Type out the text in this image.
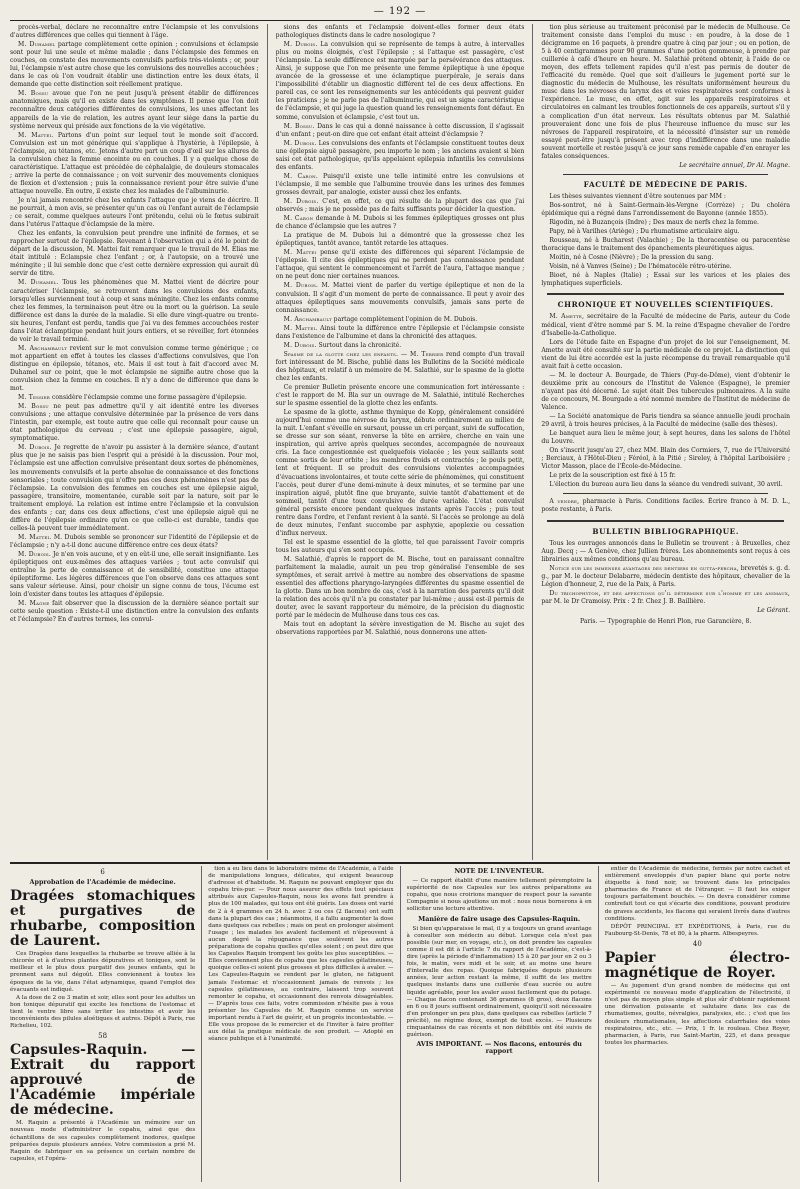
— 192 —

procès-verbal, déclare ne reconnaître entre l'éclampsie et les convulsions d'autres différences que celles qui tiennent à l'âge.

M. Duhamel partage complètement cette opinion ; convulsions et éclampsie sont pour lui une seule et même maladie ; dans l'éclampsie des femmes en couches, on constate des mouvements convulsifs parfois très-violents ; or, pour lui, l'éclampsie n'est autre chose que les convulsions des nouvelles accouchées ; dans le cas où l'on voudrait établir une distinction entre les deux états, il demande que cette distinction soit réellement pratique.

M. Bossu avoue que l'on ne peut jusqu'à présent établir de différences anatomiques, mais qu'il en existe dans les symptômes. Il pense que l'on doit reconnaître deux catégories différentes de convulsions, les unes affectant les appareils de la vie de relation, les autres ayant leur siége dans la partie du système nerveux qui préside aux fonctions de la vie végétative.

M. Mattei. Partons d'un point sur lequel tout le monde soit d'accord. Convulsion est un mot générique qui s'applique à l'hystérie, à l'épilepsie, à l'éclampsie, au tétanos, etc. Jetons d'autre part un coup d'œil sur les allures de la convulsion chez la femme enceinte ou en couches. Il y a quelque chose de caractéristique. L'attaque est précédée de céphalalgie, de douleurs stomacales ; arrive la perte de connaissance ; on voit survenir des mouvements cloniques de flexion et d'extension ; puis la connaissance revient pour être suivie d'une attaque nouvelle. En outre, il existe chez les malades de l'albuminurie.

Je n'ai jamais rencontré chez les enfants l'attaque que je viens de décrire. Il ne pourrait, à mon avis, se présenter qu'un cas où l'enfant aurait de l'éclampsie ; ce serait, comme quelques auteurs l'ont prétendu, celui où le fœtus subirait dans l'utérus l'attaque d'éclampsie de la mère.

Chez les enfants, la convulsion peut prendre une infinité de formes, et se rapprocher surtout de l'épilepsie. Revenant à l'observation qui a été le point de départ de la discussion, M. Mattei fait remarquer que le travail de M. Elias me était intitulé : Éclampsie chez l'enfant ; or, à l'autopsie, on a trouvé une méningite ; il lui semble donc que c'est cette dernière expression qui aurait dû servir de titre.

M. Duhamel. Tous les phénomènes que M. Mattei vient de décrire pour caractériser l'éclampsie, se retrouvent dans les convulsions des enfants, lorsqu'elles surviennent tout à coup et sans méningite. Chez les enfants comme chez les femmes, la terminaison peut être ou la mort ou la guérison. La seule différence est dans la durée de la maladie. Si elle dure vingt-quatre ou trente-six heures, l'enfant est perdu, tandis que j'ai vu des femmes accouchées rester dans l'état éclamptique pendant huit jours entiers, et se réveiller, fort étonnées de voir le travail terminé.

M. Archambault revient sur le mot convulsion comme terme générique ; ce mot appartient en effet à toutes les classes d'affections convulsives, que l'on distingue en épilepsie, tétanos, etc. Mais il est tout à fait d'accord avec M. Duhamel sur ce point, que le mot éclampsie ne signifie autre chose que la convulsion chez la femme en couches. Il n'y a donc de différence que dans le mot.

M. Tessier considère l'éclampsie comme une forme passagère d'épilepsie.

M. Bossu ne peut pas admettre qu'il y ait identité entre les diverses convulsions ; une attaque convulsive déterminée par la présence de vers dans l'intestin, par exemple, est toute autre que celle qui reconnaît pour cause un état pathologique du cerveau ; c'est une épilepsie passagère, aiguë, symptomatique.

M. Dubois. Je regrette de n'avoir pu assister à la dernière séance, d'autant plus que je ne saisis pas bien l'esprit qui a présidé à la discussion. Pour moi, l'éclampsie est une affection convulsive présentant deux sortes de phénomènes, les mouvements convulsifs et la perte absolue de connaissance et des fonctions sensoriales ; toute convulsion qui n'offre pas ces deux phénomènes n'est pas de l'éclampsie. La convulsion des femmes en couches est une épilepsie aiguë, passagère, transitoire, momentanée, curable soit par la nature, soit par le traitement employé. La relation est intime entre l'éclampsie et la convulsion des enfants ; car, dans ces deux affections, c'est une épilepsie aiguë qui ne diffère de l'épilepsie ordinaire qu'en ce que celle-ci est durable, tandis que celles-là peuvent tuer immédiatement.

M. Mattei. M. Dubois semble se prononcer sur l'identité de l'épilepsie et de l'éclampsie ; n'y a-t-il donc aucune différence entre ces deux états?

M. Dubois. Je n'en vois aucune, et y en eût-il une, elle serait insignifiante. Les épileptiques ont eux-mêmes des attaques variées ; tout acte convulsif qui entraîne la perte de connaissance et de sensibilité, constitue une attaque épileptiforme. Les légères différences que l'on observe dans ces attaques sont sans valeur sérieuse. Ainsi, pour choisir un signe connu de tous, l'écume est loin d'exister dans toutes les attaques d'épilepsie.

M. Magne fait observer que la discussion de la dernière séance portait sur cette seule question : Existe-t-il une distinction entre la convulsion des enfants et l'éclampsie? En d'autres termes, les convul-

sions des enfants et l'éclampsie doivent-elles former deux états pathologiques distincts dans le cadre nosologique ?

M. Dubois. La convulsion qui se représente de temps à autre, à intervalles plus ou moins éloignés, c'est l'épilepsie ; si l'attaque est passagère, c'est l'éclampsie. La seule différence est marquée par la persévérance des attaques. Ainsi, je suppose que l'on me présente une femme épileptique à une époque avancée de la grossesse et une éclamptique puerpérale, je serais dans l'impossibilité d'établir un diagnostic différent tel de ces deux affections. En pareil cas, ce sont les renseignements sur les antécédents qui peuvent guider les praticiens ; je ne parle pas de l'albuminurie, qui est un signe caractéristique de l'éclampsie, et qui juge la question quand les renseignements font défaut. En somme, convulsion et éclampsie, c'est tout un.

M. Bossu. Dans le cas qui a donné naissance à cette discussion, il s'agissait d'un enfant ; peut-on dire que cet enfant était atteint d'éclampsie ?

M. Dubois. Les convulsions des enfants et l'éclampsie constituent toutes deux une épilepsie aiguë passagère, peu importe le nom ; les anciens avaient si bien saisi cet état pathologique, qu'ils appelaient epilepsia infantilis les convulsions des enfants.

M. Caron. Puisqu'il existe une telle intimité entre les convulsions et l'éclampsie, il me semble que l'albumine trouvée dans les urines des femmes grosses devrait, par analogie, exister aussi chez les enfants.

M. Dubois. C'est, en effet, ce qui résulte de la plupart des cas que j'ai observés ; mais je ne possède pas de faits suffisants pour décider la question.

M. Caron demande à M. Dubois si les femmes épileptiques grosses ont plus de chance d'éclampsie que les autres ?

La pratique de M. Dubois lui a démontré que la grossesse chez les épileptiques, tantôt avance, tantôt retarde les attaques.

M. Mattei pense qu'il existe des différences qui séparent l'éclampsie de l'épilepsie. Il cite des épileptiques qui ne perdent pas connaissance pendant l'attaque, qui sentent le commencement et l'arrêt de l'aura, l'attaque manque ; on ne peut donc nier certaines nuances.

M. Dubois. M. Mattei vient de parler du vertige épileptique et non de la convulsion. Il s'agit d'un moment de perte de connaissance. Il peut y avoir des attaques épileptiques sans mouvements convulsifs, jamais sans perte de connaissance.

M. Archambault partage complètement l'opinion de M. Dubois.

M. Mattei. Ainsi toute la différence entre l'épilepsie et l'éclampsie consiste dans l'existence de l'albumine et dans la chronicité des attaques.

M. Dubois. Surtout dans la chronicité.

Spasme de la glotte chez les enfants. — M. Terrier rend compte d'un travail fort intéressant de M. Bische, publié dans les Bulletins de la Société médicale des hôpitaux, et relatif à un mémoire de M. Salathié, sur le spasme de la glotte chez les enfants.

Ce premier Bulletin présente encore une communication fort intéressante : c'est le rapport de M. Bla sur un ouvrage de M. Salathié, intitulé Recherches sur le spasme essentiel de la glotte chez les enfants.

Le spasme de la glotte, asthme thymique de Kopp, généralement considéré aujourd'hui comme une névrose du larynx, débute ordinairement au milieu de la nuit. L'enfant s'éveille en sursaut, pousse un cri perçant, suivi de suffocation, se dresse sur son séant, renverse la tête en arrière, cherche en vain une inspiration, qui arrive après quelques secondes, accompagnée de nouveaux cris. La face congestionnée est quelquefois violacée ; les yeux saillants sont comme sortis de leur orbite ; les membres froids et contractés ; le pouls petit, lent et fréquent. Il se produit des convulsions violentes accompagnées d'évacuations involontaires, et toute cette série de phénomènes, qui constituent l'accès, peut durer d'une demi-minute à deux minutes, et se termine par une inspiration aiguë, plutôt fine que bruyante, suivie tantôt d'abattement et de sommeil, tantôt d'une toux convulsive de durée variable. L'état convulsif général persiste encore pendant quelques instants après l'accès ; puis tout rentre dans l'ordre, et l'enfant revient à la santé. Si l'accès se prolonge au delà de deux minutes, l'enfant succombe par asphyxie, apoplexie ou cessation d'influx nerveux.

Tel est le spasme essentiel de la glotte, tel que paraissent l'avoir compris tous les auteurs qui s'en sont occupés.

M. Salathié, d'après le rapport de M. Bische, tout en paraissant connaître parfaitement la maladie, aurait un peu trop généralisé l'ensemble de ses symptômes, et serait arrivé à mettre au nombre des observations de spasme essentiel des affections pharyngo-laryngées différentes du spasme essentiel de la glotte. Dans un bon nombre de cas, c'est à la narration des parents qu'il doit la relation des accès qu'il n'a pu constater par lui-même ; aussi est-il permis de douter, avec le savant rapporteur du mémoire, de la précision du diagnostic porté par le médecin de Mulhouse dans tous ces cas.

Mais tout en adoptant la sévère investigation de M. Bische au sujet des observations rapportées par M. Salathié, nous donnerons une atten-

tion plus sérieuse au traitement préconisé par le médecin de Mulhouse. Ce traitement consiste dans l'emploi du musc : en poudre, à la dose de 1 décigramme en 16 paquets, à prendre quatre à cinq par jour ; ou en potion, de 5 à 40 centigrammes pour 90 grammes d'une potion gommeuse, à prendre par cuillerée à café d'heure en heure. M. Salathié prétend obtenir, à l'aide de ce moyen, des effets tellement rapides qu'il n'est pas permis de douter de l'efficacité du remède. Quel que soit d'ailleurs le jugement porté sur le diagnostic du médecin de Mulhouse, les résultats uniformément heureux du musc dans les névroses du larynx des et voies respiratoires sont conformes à l'expérience. Le musc, en effet, agit sur les appareils respiratoires et circulatoires en calmant les troubles fonctionnels de ces appareils, surtout s'il y a complication d'un état nerveux. Les résultats obtenus par M. Salathié prouveraient donc une fois de plus l'heureuse influence du musc sur les névroses de l'appareil respiratoire, et la nécessité d'insister sur un remède essayé peut-être jusqu'à présent avec trop d'indifférence dans une maladie souvent mortelle et restée jusqu'à ce jour sans remède capable d'en enrayer les fatales conséquences.

Le secrétaire annuel, Dr Al. Magne.

FACULTÉ DE MÉDECINE DE PARIS.

Les thèses suivantes viennent d'être soutenues par MM :

Bos-sontrot, né à Saint-Germain-lès-Vergne (Corrèze) ; Du choléra épidémique qui a régné dans l'arrondissement de Bayonne (année 1855).

Rigodin, né à Buzançois (Indre) ; Des maux de nerfs chez la femme.

Papy, né à Varilhes (Ariège) ; Du rhumatisme articulaire aigu.

Rousseau, né à Bucharest (Valachie) ; De la thoracentèse ou paracentèse thoracique dans le traitement des épanchements pleurétiques aigus.

Moitin, né à Cosne (Nièvre) ; De la pression du sang.

Voisin, né à Vanves (Seine) ; De l'hématocèle rétro-utérine.

Bioet, né à Naples (Italie) ; Essai sur les varices et les plaies des lymphatiques superficiels.

CHRONIQUE ET NOUVELLES SCIENTIFIQUES.

M. Amette, secrétaire de la Faculté de médecine de Paris, auteur du Code médical, vient d'être nommé par S. M. la reine d'Espagne chevalier de l'ordre d'Isabelle-la-Catholique.

Lors de l'étude faite en Espagne d'un projet de loi sur l'enseignement, M. Amette avait été consulté sur la partie médicale de ce projet. La distinction qui vient de lui être accordée est la juste récompense du travail remarquable qu'il avait fait à cette occasion.

— M. le docteur A. Bourgade, de Thiers (Puy-de-Dôme), vient d'obtenir le deuxième prix au concours de l'Institut de Valence (Espagne), le premier n'ayant pas été décerné. Le sujet était Des tubercules pulmonaires. A la suite de ce concours, M. Bourgade a été nommé membre de l'Institut de médecine de Valence.

— La Société anatomique de Paris tiendra sa séance annuelle jeudi prochain 29 avril, à trois heures précises, à la Faculté de médecine (salle des thèses).

Le banquet aura lieu le même jour, à sept heures, dans les salons de l'hôtel du Louvre.

On s'inscrit jusqu'au 27, chez MM. Blain des Cormiers, 7, rue de l'Université ; Berciaux, à l'Hôtel-Dieu ; Féréol, à la Pitié ; Sireley, à l'hôpital Lariboisière ; Victor Masson, place de l'École-de-Médecine.

Le prix de la souscription est fixé à 15 fr.

L'élection du bureau aura lieu dans la séance du vendredi suivant, 30 avril.

A vendre, pharmacie à Paris. Conditions faciles. Écrire franco à M. D. L., poste restante, à Paris.

BULLETIN BIBLIOGRAPHIQUE.

Tous les ouvrages annoncés dans le Bulletin se trouvent : à Bruxelles, chez Aug. Decq ; — A Genève, chez Jullien frères. Les abonnements sont reçus à ces librairies aux mêmes conditions qu'au bureau.

Notice sur les immenses avantages des dentiers en gutta-percha, brevetés s. g. d. g., par M. le docteur Delabarre, médecin dentiste des hôpitaux, chevalier de la Légion d'honneur, 2, rue de la Paix, à Paris.

Du trichophyton, et des affections qu'il détermine sur l'homme et les animaux, par M. le Dr Cramoisy. Prix : 2 fr. Chez J. B. Baillière.

Le Gérant.

Paris. — Typographie de Henri Plon, rue Garancière, 8.

6

Approbation de l'Académie de médecine.

Dragées stomachiques et purgatives de rhubarbe, composition de Laurent.

Ces Dragées dans lesquelles la rhubarbe se trouve alliée à la chicorée et à d'autres plantes dépuratives et toniques, sont le meilleur et le plus doux purgatif des jeunes enfants, qui le prennent sans nul dégoût. Elles conviennent à toutes les époques de la vie, dans l'état adynamique, quand l'emploi des évacuants est indiqué.

A la dose de 2 ou 3 matin et soir, elles sont pour les adultes un bon tonique dépuratif qui excite les fonctions de l'estomac et tient le ventre libre sans irriter les intestins et avoir les inconvénients des pilules aloétiques et autres. Dépôt à Paris, rue Richelieu, 102.

58

Capsules-Raquin. — Extrait du rapport approuvé de l'Académie impériale de médecine.

M. Raquin a présenté à l'Académie un mémoire sur un nouveau mode d'administrer le copahu, ainsi que des échantillons de ses capsules complètement inodores, quelque préparées depuis plusieurs années. Votre commission a prié M. Raquin de fabriquer en sa présence un certain nombre de capsules, et l'opéra-

tion a eu lieu dans le laboratoire même de l'Académie, à l'aide de manipulations longues, délicates, qui exigent beaucoup d'adresse et d'habitude. M. Raquin ne pouvant employer que du copahu très-pur. — Pour nous assurer des effets tout spéciaux attribués aux Capsules-Raquin, nous les avons fait prendre à plus de 100 malades, qui tous ont été guéris. Les doses ont varié de 2 à 4 grammes en 24 h. avec 2 ou ces (2 flacons) ont suffi dans la plupart des cas ; néanmoins, il a fallu augmenter la dose dans quelques cas rebelles ; mais on peut en prolonger aisément l'usage ; les malades les avalent facilement et n'éprouvent à aucun degré la répugnance que soulèvent les autres préparations de copahu quelles qu'elles soient ; on peut dire que les Capsules Raquin trompent les goûts les plus susceptibles. — Elles conviennent plus de copahu que les capsules gélatineuses, quoique celles-ci soient plus grosses et plus difficiles à avaler. — Les Capsules-Raquin se rendent par le gluten, ne fatiguent jamais l'estomac et n'occasionnent jamais de renvois ; les capsules gélatineuses, au contraire, laissent trop souvent remonter le copahu, et occasionnent des renvois désagréables. — D'après tous ces faits, votre commission n'hésite pas à vous présenter les Capsules de M. Raquin comme un service important rendu à l'art de guérir, et un progrès incontestable. — Elle vous propose de le remercier et de l'inviter à faire profiter aux délai la pratique médicale de son produit. — Adopté en séance publique et à l'unanimité.

NOTE DE L'INVENTEUR.

— Ce rapport établit d'une manière tellement péremptoire la supériorité de nos Capsules sur les autres préparations au copahu, que nous croirions manquer de respect pour la savante Compagnie si nous ajoutions un mot : nous nous bornerons à en solliciter une lecture attentive.

Manière de faire usage des Capsules-Raquin.

Si bien qu'apparaisse le mal, il y a toujours un grand avantage à consulter son médecin au début. Lorsque cela n'est pas possible (sur mer, en voyage, etc.), on doit prendre les capsules comme il est dit à l'article 7 du rapport de l'Académie, c'est-à-dire (après la période d'inflammation) 15 à 20 par jour en 2 ou 3 fois, le matin, vers midi et le soir, et au moins une heure d'intervalle des repas. Quoique fabriquées depuis plusieurs années, leur action restant la même, il suffit de les mettre quelques instants dans une cuillerée d'eau sucrée ou autre liquide agréable, pour les avaler aussi facilement que du potage. — Chaque flacon contenant 36 grammes (8 gros), deux flacons en 6 ou 8 jours suffisent ordinairement, quoiqu'il soit nécessaire d'en prolonger un peu plus, dans quelques cas rebelles (article 7 précité), ne régime doux, exempt de tout excès. — Plusieurs cinquantaines de cas récents et non débilités ont été suivis de guérison.

AVIS IMPORTANT. — Nos flacons, entourés du rapport

entier de l'Académie de médecine, fermés par notre cachet et entièrement enveloppés d'un papier blanc qui porte notre étiquette à fond noir, se trouvent dans les principales pharmacies de France et de l'étranger. — Il faut les exiger toujours parfaitement bouchés. — On devra considérer comme contrefait tout ce qui s'écarte des conditions, pouvant produire de graves accidents, les flacons qui seraient livrés dans d'autres conditions.

DÉPÔT PRINCIPAL ET EXPÉDITIONS, à Paris, rue du Faubourg-St-Denis, 78 et 80, à la pharm. Albespeyres.

40

Papier électro-magnétique de Royer.

— Au jugement d'un grand nombre de médecins qui ont expérimenté ce nouveau mode d'application de l'électricité, il n'est pas de moyen plus simple et plus sûr d'obtenir rapidement une dérivation puissante et salutaire dans les cas de rhumatismes, goutte, névralgies, paralysies, etc. ; c'est que les douleurs rhumatismales, les affections catarrhales des voies respiratoires, etc., etc. — Prix, 1 fr. le rouleau. Chez Royer, pharmacien, à Paris, rue Saint-Martin, 225, et dans presque toutes les pharmacies.
